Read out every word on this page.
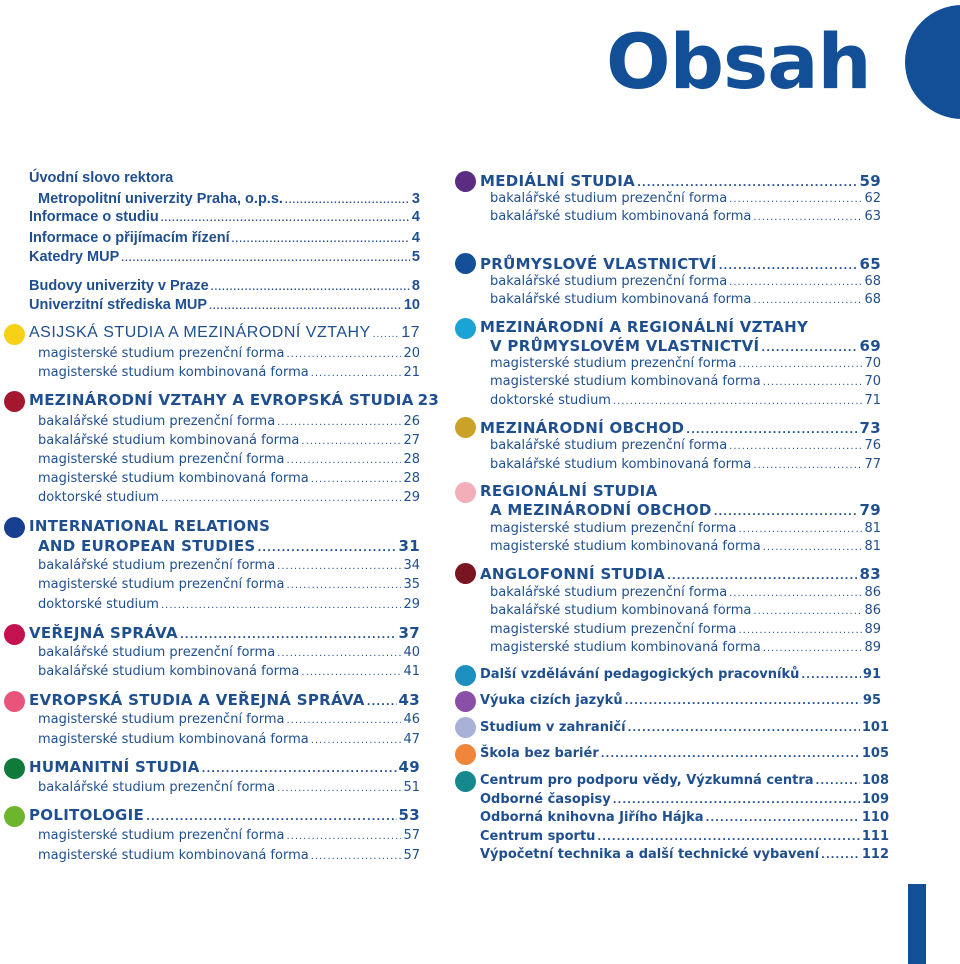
Obsah
Úvodní slovo rektora
Metropolitní univerzity Praha, o.p.s. .....	3
Informace o studiu .....	4
Informace o přijímacím řízení .....	4
Katedry MUP .....	5
Budovy univerzity v Praze .....	8
Univerzitní střediska MUP .....	10
ASIJSKÁ STUDIA A MEZINÁRODNÍ VZTAHY ..... 17
magisterské studium prezenční forma .....	20
magisterské studium kombinovaná forma .....	21
MEZINÁRODNÍ VZTAHY A EVROPSKÁ STUDIA 23
bakalářské studium prezenční forma .....	26
bakalářské studium kombinovaná forma .....	27
magisterské studium prezenční forma .....	28
magisterské studium kombinovaná forma .....	28
doktorské studium .....	29
INTERNATIONAL RELATIONS
AND EUROPEAN STUDIES .....	31
bakalářské studium prezenční forma .....	34
magisterské studium prezenční forma .....	35
doktorské studium .....	29
VEŘEJNÁ SPRÁVA .....	37
bakalářské studium prezenční forma .....	40
bakalářské studium kombinovaná forma .....	41
EVROPSKÁ STUDIA A VEŘEJNÁ SPRÁVA ..... 43
magisterské studium prezenční forma .....	46
magisterské studium kombinovaná forma .....	47
HUMANITNÍ STUDIA .....	49
bakalářské studium prezenční forma .....	51
POLITOLOGIE .....	53
magisterské studium prezenční forma .....	57
magisterské studium kombinovaná forma .....	57
MEDIÁLNÍ STUDIA .....	59
bakalářské studium prezenční forma .....	62
bakalářské studium kombinovaná forma .....	63
PRŮMYSLOVÉ VLASTNICTVÍ .....	65
bakalářské studium prezenční forma .....	68
bakalářské studium kombinovaná forma .....	68
MEZINÁRODNÍ A REGIONÁLNÍ VZTAHY
V PRŮMYSLOVÉM VLASTNICTVÍ .....	69
magisterské studium prezenční forma .....	70
magisterské studium kombinovaná forma .....	70
doktorské studium .....	71
MEZINÁRODNÍ OBCHOD .....	73
bakalářské studium prezenční forma .....	76
bakalářské studium kombinovaná forma .....	77
REGIONÁLNÍ STUDIA
A MEZINÁRODNÍ OBCHOD .....	79
magisterské studium prezenční forma .....	81
magisterské studium kombinovaná forma .....	81
ANGLOFONNÍ STUDIA .....	83
bakalářské studium prezenční forma .....	86
bakalářské studium kombinovaná forma .....	86
magisterské studium prezenční forma .....	89
magisterské studium kombinovaná forma .....	89
Další vzdělávání pedagogických pracovníků .....	91
Výuka cizích jazyků .....	95
Studium v zahraničí .....	101
Škola bez bariér .....	105
Centrum pro podporu vědy, Výzkumná centra .....	108
Odborné časopisy .....	109
Odborná knihovna Jiřího Hájka .....	110
Centrum sportu .....	111
Výpočetní technika a další technické vybavení .....	112
